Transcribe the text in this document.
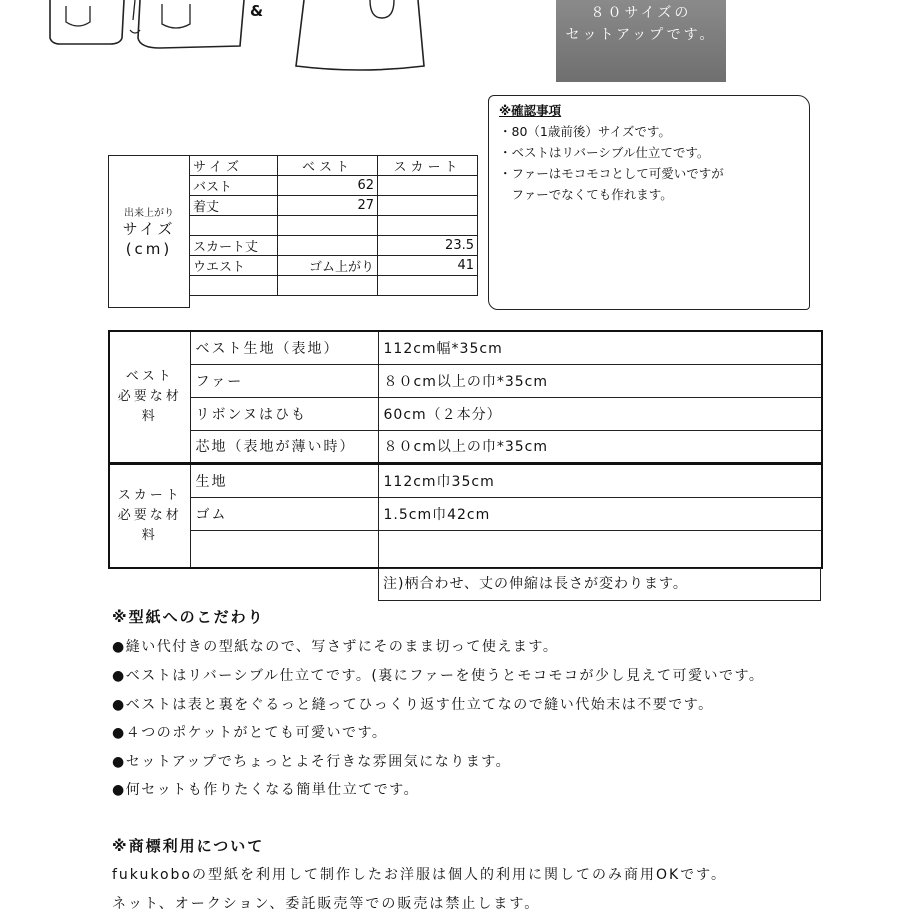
&	８０サイズの
セットアップです。
※確認事項
・80（1歳前後）サイズです。
・ベストはリバーシブル仕立てです。
・ファーはモコモコとして可愛いですが
　ファーでなくても作れます。
出来上がり
サイズ
(cm)
サイズ	ベスト	スカート
バスト	62	
着丈	27	

スカート丈		23.5
ウエスト	ゴム上がり	41

ベスト
必要な材
料	ベスト生地（表地）	112cm幅*35cm
	ファー	８０cm以上の巾*35cm
	リボンヌはひも	60cm（２本分）
	芯地（表地が薄い時）	８０cm以上の巾*35cm
スカート
必要な材
料	生地	112cm巾35cm
	ゴム	1.5cm巾42cm

注)柄合わせ、丈の伸縮は長さが変わります。
※型紙へのこだわり
●縫い代付きの型紙なので、写さずにそのまま切って使えます。
●ベストはリバーシブル仕立てです。(裏にファーを使うとモコモコが少し見えて可愛いです。
●ベストは表と裏をぐるっと縫ってひっくり返す仕立てなので縫い代始末は不要です。
●４つのポケットがとても可愛いです。
●セットアップでちょっとよそ行きな雰囲気になります。
●何セットも作りたくなる簡単仕立てです。
※商標利用について
fukukoboの型紙を利用して制作したお洋服は個人的利用に関してのみ商用OKです。
ネット、オークション、委託販売等での販売は禁止します。
